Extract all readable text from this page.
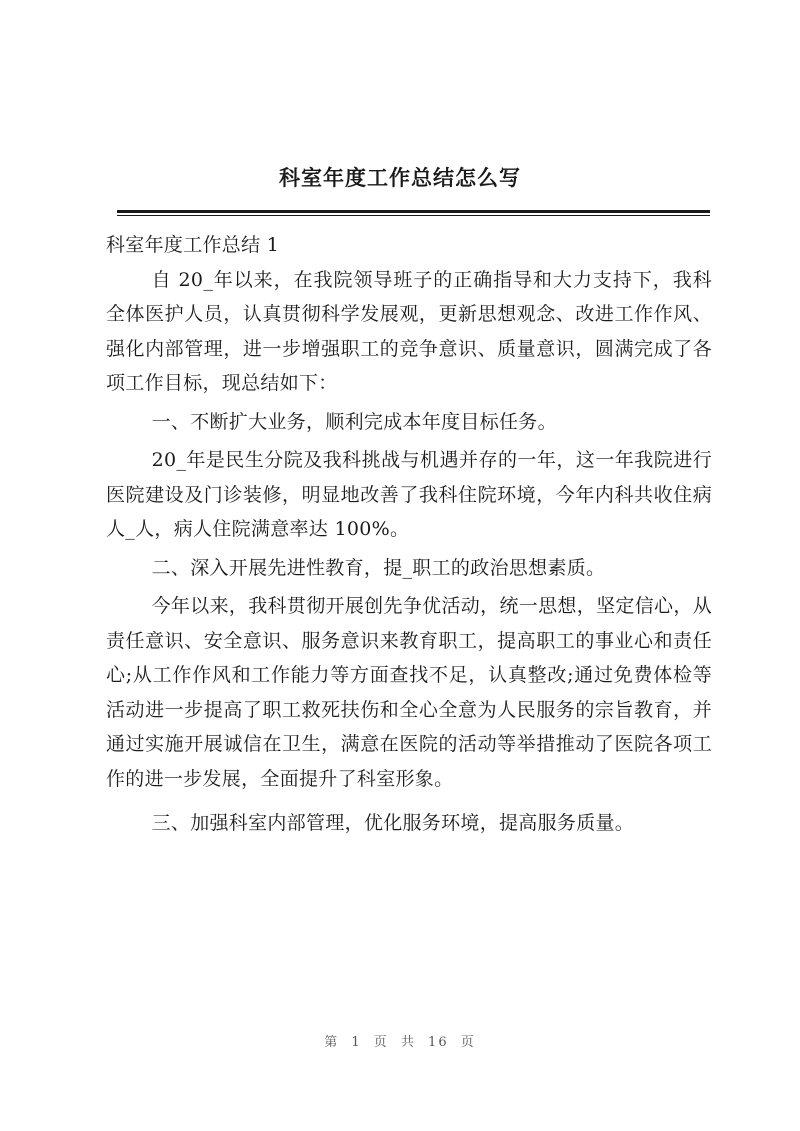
科室年度工作总结怎么写

科室年度工作总结 1

自 20_年以来，在我院领导班子的正确指导和大力支持下，我科全体医护人员，认真贯彻科学发展观，更新思想观念、改进工作作风、强化内部管理，进一步增强职工的竞争意识、质量意识，圆满完成了各项工作目标，现总结如下：

一、不断扩大业务，顺利完成本年度目标任务。

20_年是民生分院及我科挑战与机遇并存的一年，这一年我院进行医院建设及门诊装修，明显地改善了我科住院环境，今年内科共收住病人_人，病人住院满意率达 100%。

二、深入开展先进性教育，提_职工的政治思想素质。

今年以来，我科贯彻开展创先争优活动，统一思想，坚定信心，从责任意识、安全意识、服务意识来教育职工，提高职工的事业心和责任心;从工作作风和工作能力等方面查找不足，认真整改;通过免费体检等活动进一步提高了职工救死扶伤和全心全意为人民服务的宗旨教育，并通过实施开展诚信在卫生，满意在医院的活动等举措推动了医院各项工作的进一步发展，全面提升了科室形象。

三、加强科室内部管理，优化服务环境，提高服务质量。

第 1 页 共 16 页
